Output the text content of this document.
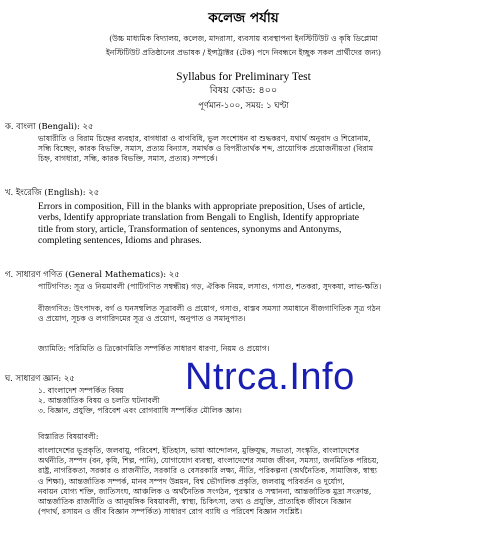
কলেজ পর্যায়
(উচ্চ মাধ্যমিক বিদ্যালয়, কলেজ, মাদরাসা, ব্যবসায় ব্যবস্থাপনা ইনস্টিটিউট ও কৃষি ডিপ্লোমা
ইনস্টিটিউট প্রতিষ্ঠানের প্রভাষক / ইন্সট্রাক্টর (টেক) পদে নিবন্ধনে ইচ্ছুক সকল প্রার্থীদের জন্য)
Syllabus for Preliminary Test
বিষয় কোড: ৪০০
পূর্ণমান-১০০, সময়: ১ ঘণ্টা
ক. বাংলা (Bengali): ২৫
ভাষারীতি ও বিরাম চিহ্নের ব্যবহার, বাগধারা ও বাগবিধি, ভুল সংশোধন বা শুদ্ধকরণ, যথার্থ অনুবাদ ও শিরোনাম,
সন্ধি বিচ্ছেদ, কারক বিভক্তি, সমাস, প্রত্যয় বিন্যাস, সমার্থক ও বিপরীতার্থক শব্দ, প্রায়োগিক প্রয়োজনীয়তা (বিরাম
চিহ্ন, বাগধারা, সন্ধি, কারক বিভক্তি, সমাস, প্রত্যয়) সম্পর্কে।
খ. ইংরেজি (English): ২৫
Errors in composition, Fill in the blanks with appropriate preposition, Uses of article,
verbs, Identify appropriate translation from Bengali to English, Identify appropriate
title from story, article, Transformation of sentences, synonyms and Antonyms,
completing sentences, Idioms and phrases.
গ. সাধারণ গণিত (General Mathematics): ২৫
পাটিগণিত: সূত্র ও নিয়মাবলী (পাটিগণিত সম্বন্ধীয়) গড়, ঐকিক নিয়ম, লসাগু, গসাগু, শতকরা, সুদকষা, লাভ-ক্ষতি।
বীজগণিত: উৎপাদক, বর্গ ও ঘনসম্বলিত সূত্রাবলী ও প্রয়োগ, গসাগু, বাস্তব সমস্যা সমাধানে বীজগাণিতিক সূত্র গঠন
ও প্রয়োগ, সূচক ও লগারিদমের সূত্র ও প্রয়োগ, অনুপাত ও সমানুপাত।
জ্যামিতি: পরিমিতি ও ত্রিকোণমিতি সম্পর্কিত সাধারণ ধারণা, নিয়ম ও প্রয়োগ।
ঘ. সাধারণ জ্ঞান: ২৫
১. বাংলাদেশ সম্পর্কিত বিষয়
২. আন্তর্জাতিক বিষয় ও চলতি ঘটনাবলী
৩. বিজ্ঞান, প্রযুক্তি, পরিবেশ এবং রোগব্যাধি সম্পর্কিত মৌলিক জ্ঞান।
বিস্তারিত বিষয়াবলী:
বাংলাদেশের ভূপ্রকৃতি, জলবায়ু, পরিবেশ, ইতিহাস, ভাষা আন্দোলন, মুক্তিযুদ্ধ, সভ্যতা, সংস্কৃতি, বাংলাদেশের
অর্থনীতি, সম্পদ (বন, কৃষি, শিল্প, পানি), যোগাযোগ ব্যবস্থা, বাংলাদেশের সমাজ জীবন, সমস্যা, জনমিতিক পরিচয়,
রাষ্ট্র, নাগরিকতা, সরকার ও রাজনীতি, সরকারি ও বেসরকারি লক্ষ্য, নীতি, পরিকল্পনা (অর্থনৈতিক, সামাজিক, স্বাস্থ্য
ও শিক্ষা), আন্তর্জাতিক সম্পর্ক, মানব সম্পদ উন্নয়ন, বিশ্ব ভৌগলিক প্রকৃতি, জলবায়ু পরিবর্তন ও দুর্যোগ,
নবায়ন যোগ্য শক্তি, জাতিসংঘ, আঞ্চলিক ও অর্থনৈতিক সংগঠন, পুরস্কার ও সম্মাননা, আন্তর্জাতিক মুদ্রা সংক্রান্ত,
আন্তর্জাতিক রাজনীতি ও আনুষঙ্গিক বিষয়াবলী, স্বাস্থ্য, চিকিৎসা, তথ্য ও প্রযুক্তি, প্রাত্যহিক জীবনে বিজ্ঞান
(পদার্থ, রসায়ন ও জীব বিজ্ঞান সম্পর্কিত) সাধারণ রোগ ব্যাধি ও পরিবেশ বিজ্ঞান সংশ্লিষ্ট।
Ntrca.Info
